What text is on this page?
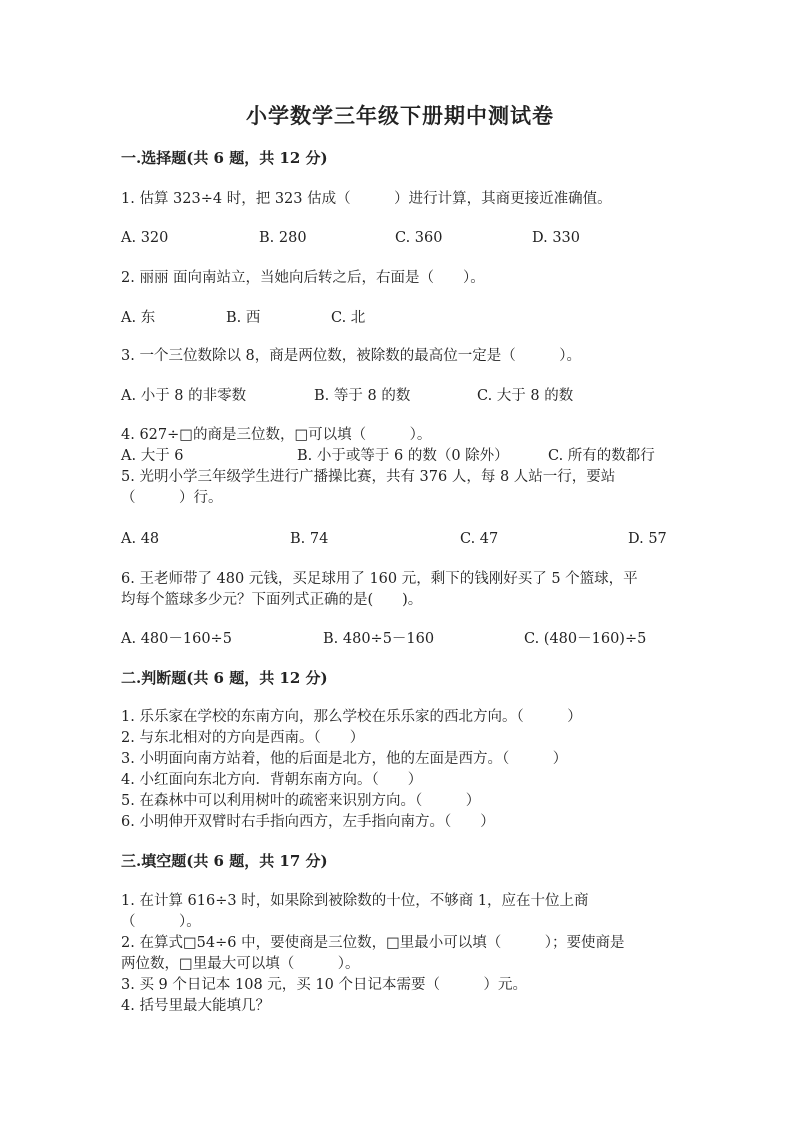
小学数学三年级下册期中测试卷
一.选择题(共 6 题，共 12 分)
1. 估算 323÷4 时，把 323 估成（　　　）进行计算，其商更接近准确值。
A. 320	B. 280	C. 360	D. 330
2. 丽丽 面向南站立，当她向后转之后，右面是（　　）。
A. 东	B. 西	C. 北
3. 一个三位数除以 8，商是两位数，被除数的最高位一定是（　　　）。
A. 小于 8 的非零数	B. 等于 8 的数	C. 大于 8 的数
4. 627÷□的商是三位数，□可以填（　　　）。
A. 大于 6	B. 小于或等于 6 的数（0 除外）	C. 所有的数都行
5. 光明小学三年级学生进行广播操比赛，共有 376 人，每 8 人站一行，要站
（　　　）行。
A. 48	B. 74	C. 47	D. 57
6. 王老师带了 480 元钱，买足球用了 160 元，剩下的钱刚好买了 5 个篮球，平
均每个篮球多少元？下面列式正确的是(　　)。
A. 480－160÷5	B. 480÷5－160	C. (480－160)÷5
二.判断题(共 6 题，共 12 分)
1. 乐乐家在学校的东南方向，那么学校在乐乐家的西北方向。（　　　）
2. 与东北相对的方向是西南。（　　）
3. 小明面向南方站着，他的后面是北方，他的左面是西方。（　　　）
4. 小红面向东北方向．背朝东南方向。（　　）
5. 在森林中可以利用树叶的疏密来识别方向。（　　　）
6. 小明伸开双臂时右手指向西方，左手指向南方。（　　）
三.填空题(共 6 题，共 17 分)
1. 在计算 616÷3 时，如果除到被除数的十位，不够商 1，应在十位上商
（　　　）。
2. 在算式□54÷6 中，要使商是三位数，□里最小可以填（　　　）；要使商是
两位数，□里最大可以填（　　　）。
3. 买 9 个日记本 108 元，买 10 个日记本需要（　　　）元。
4. 括号里最大能填几？
